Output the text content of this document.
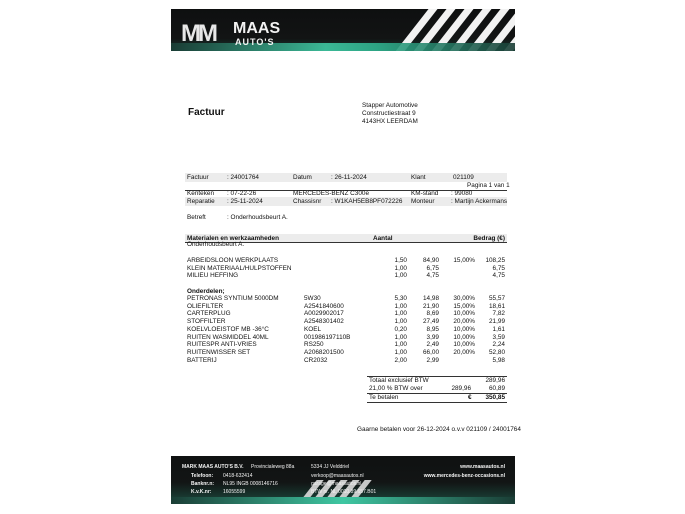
MM MAAS
AUTO'S
Factuur
Stapper Automotive
Constructiestraat 9
4143HX LEERDAM
Factuur	: 24001764	Datum	: 26-11-2024	Klant	021109
Pagina 1 van 1
Kenteken : 07-22-26	MERCEDES-BENZ C300e	KM-stand : 99080
Reparatie : 25-11-2024	Chassisnr : W1KAH5EB8PF072226 Monteur	: Martijn Ackermans
Betreft	: Onderhoudsbeurt A.
Materialen en werkzaamheden	Aantal	Bedrag (€)
Onderhoudsbeurt A.
ARBEIDSLOON WERKPLAATS	1,50	84,90	15,00%	108,25
KLEIN MATERIAAL/HULPSTOFFEN	1,00	6,75	6,75
MILIEU HEFFING	1,00	4,75	4,75
Onderdelen;
PETRONAS SYNTIUM 5000DM	5W30	5,30	14,98	30,00%	55,57
OLIEFILTER	A2541840600	1,00	21,90	15,00%	18,61
CARTERPLUG	A0029902017	1,00	8,69	10,00%	7,82
STOFFILTER	A2548301402	1,00	27,49	20,00%	21,99
KOELVLOEISTOF MB -36°C	KOEL	0,20	8,95	10,00%	1,61
RUITEN WASMIDDEL 40ML	001986197110B	1,00	3,99	10,00%	3,59
RUITESPR ANTI-VRIES	RS250	1,00	2,49	10,00%	2,24
RUITENWISSER SET	A2068201500	1,00	66,00	20,00%	52,80
BATTERIJ	CR2032	2,00	2,99	5,98
Totaal exclusief BTW	289,96
21,00 % BTW over	289,96	60,89
Te betalen	€	350,85
Gaarne betalen voor 26-12-2024 o.v.v 021109 / 24001764
MARK MAAS AUTO'S B.V.
Telefoon: 0418-632414
Banknr.n: NL95 INGB 0008146716
K.v.K.nr: 16055599
Provincialeweg 88a	5334 JJ Velddriel
verkoop@maasautos.nl
garage@maasautos.nl
BTW nr. NL 0010.89.657.B01
www.maasautos.nl
www.mercedes-benz-occasions.nl
